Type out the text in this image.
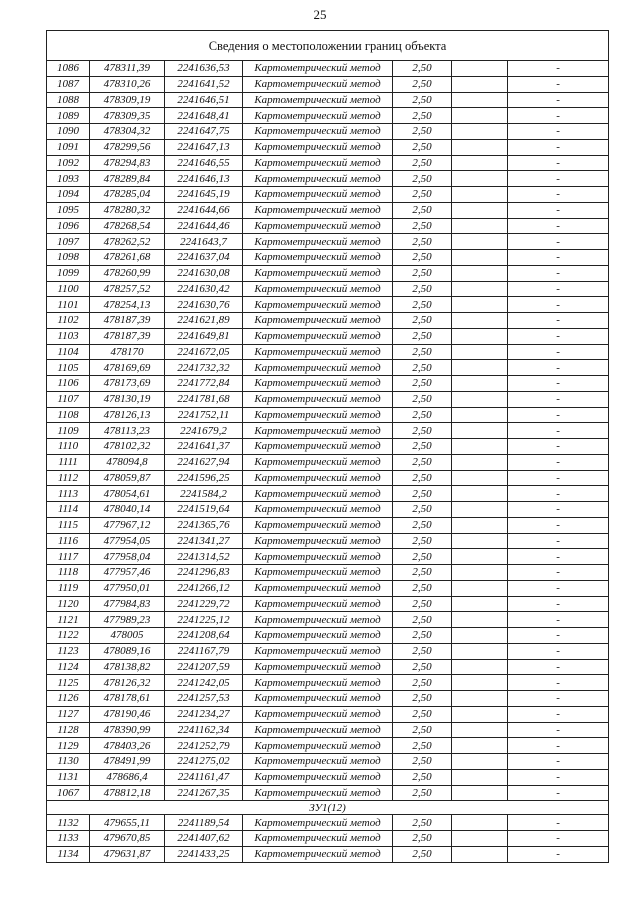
25
Сведения о местоположении границ объекта						
1086	478311,39	2241636,53	Картометрический метод	2,50		-
1087	478310,26	2241641,52	Картометрический метод	2,50		-
1088	478309,19	2241646,51	Картометрический метод	2,50		-
1089	478309,35	2241648,41	Картометрический метод	2,50		-
1090	478304,32	2241647,75	Картометрический метод	2,50		-
1091	478299,56	2241647,13	Картометрический метод	2,50		-
1092	478294,83	2241646,55	Картометрический метод	2,50		-
1093	478289,84	2241646,13	Картометрический метод	2,50		-
1094	478285,04	2241645,19	Картометрический метод	2,50		-
1095	478280,32	2241644,66	Картометрический метод	2,50		-
1096	478268,54	2241644,46	Картометрический метод	2,50		-
1097	478262,52	2241643,7	Картометрический метод	2,50		-
1098	478261,68	2241637,04	Картометрический метод	2,50		-
1099	478260,99	2241630,08	Картометрический метод	2,50		-
1100	478257,52	2241630,42	Картометрический метод	2,50		-
1101	478254,13	2241630,76	Картометрический метод	2,50		-
1102	478187,39	2241621,89	Картометрический метод	2,50		-
1103	478187,39	2241649,81	Картометрический метод	2,50		-
1104	478170	2241672,05	Картометрический метод	2,50		-
1105	478169,69	2241732,32	Картометрический метод	2,50		-
1106	478173,69	2241772,84	Картометрический метод	2,50		-
1107	478130,19	2241781,68	Картометрический метод	2,50		-
1108	478126,13	2241752,11	Картометрический метод	2,50		-
1109	478113,23	2241679,2	Картометрический метод	2,50		-
1110	478102,32	2241641,37	Картометрический метод	2,50		-
1111	478094,8	2241627,94	Картометрический метод	2,50		-
1112	478059,87	2241596,25	Картометрический метод	2,50		-
1113	478054,61	2241584,2	Картометрический метод	2,50		-
1114	478040,14	2241519,64	Картометрический метод	2,50		-
1115	477967,12	2241365,76	Картометрический метод	2,50		-
1116	477954,05	2241341,27	Картометрический метод	2,50		-
1117	477958,04	2241314,52	Картометрический метод	2,50		-
1118	477957,46	2241296,83	Картометрический метод	2,50		-
1119	477950,01	2241266,12	Картометрический метод	2,50		-
1120	477984,83	2241229,72	Картометрический метод	2,50		-
1121	477989,23	2241225,12	Картометрический метод	2,50		-
1122	478005	2241208,64	Картометрический метод	2,50		-
1123	478089,16	2241167,79	Картометрический метод	2,50		-
1124	478138,82	2241207,59	Картометрический метод	2,50		-
1125	478126,32	2241242,05	Картометрический метод	2,50		-
1126	478178,61	2241257,53	Картометрический метод	2,50		-
1127	478190,46	2241234,27	Картометрический метод	2,50		-
1128	478390,99	2241162,34	Картометрический метод	2,50		-
1129	478403,26	2241252,79	Картометрический метод	2,50		-
1130	478491,99	2241275,02	Картометрический метод	2,50		-
1131	478686,4	2241161,47	Картометрический метод	2,50		-
1067	478812,18	2241267,35	Картометрический метод	2,50		-
ЗУ1(12)						
1132	479655,11	2241189,54	Картометрический метод	2,50		-
1133	479670,85	2241407,62	Картометрический метод	2,50		-
1134	479631,87	2241433,25	Картометрический метод	2,50		-
